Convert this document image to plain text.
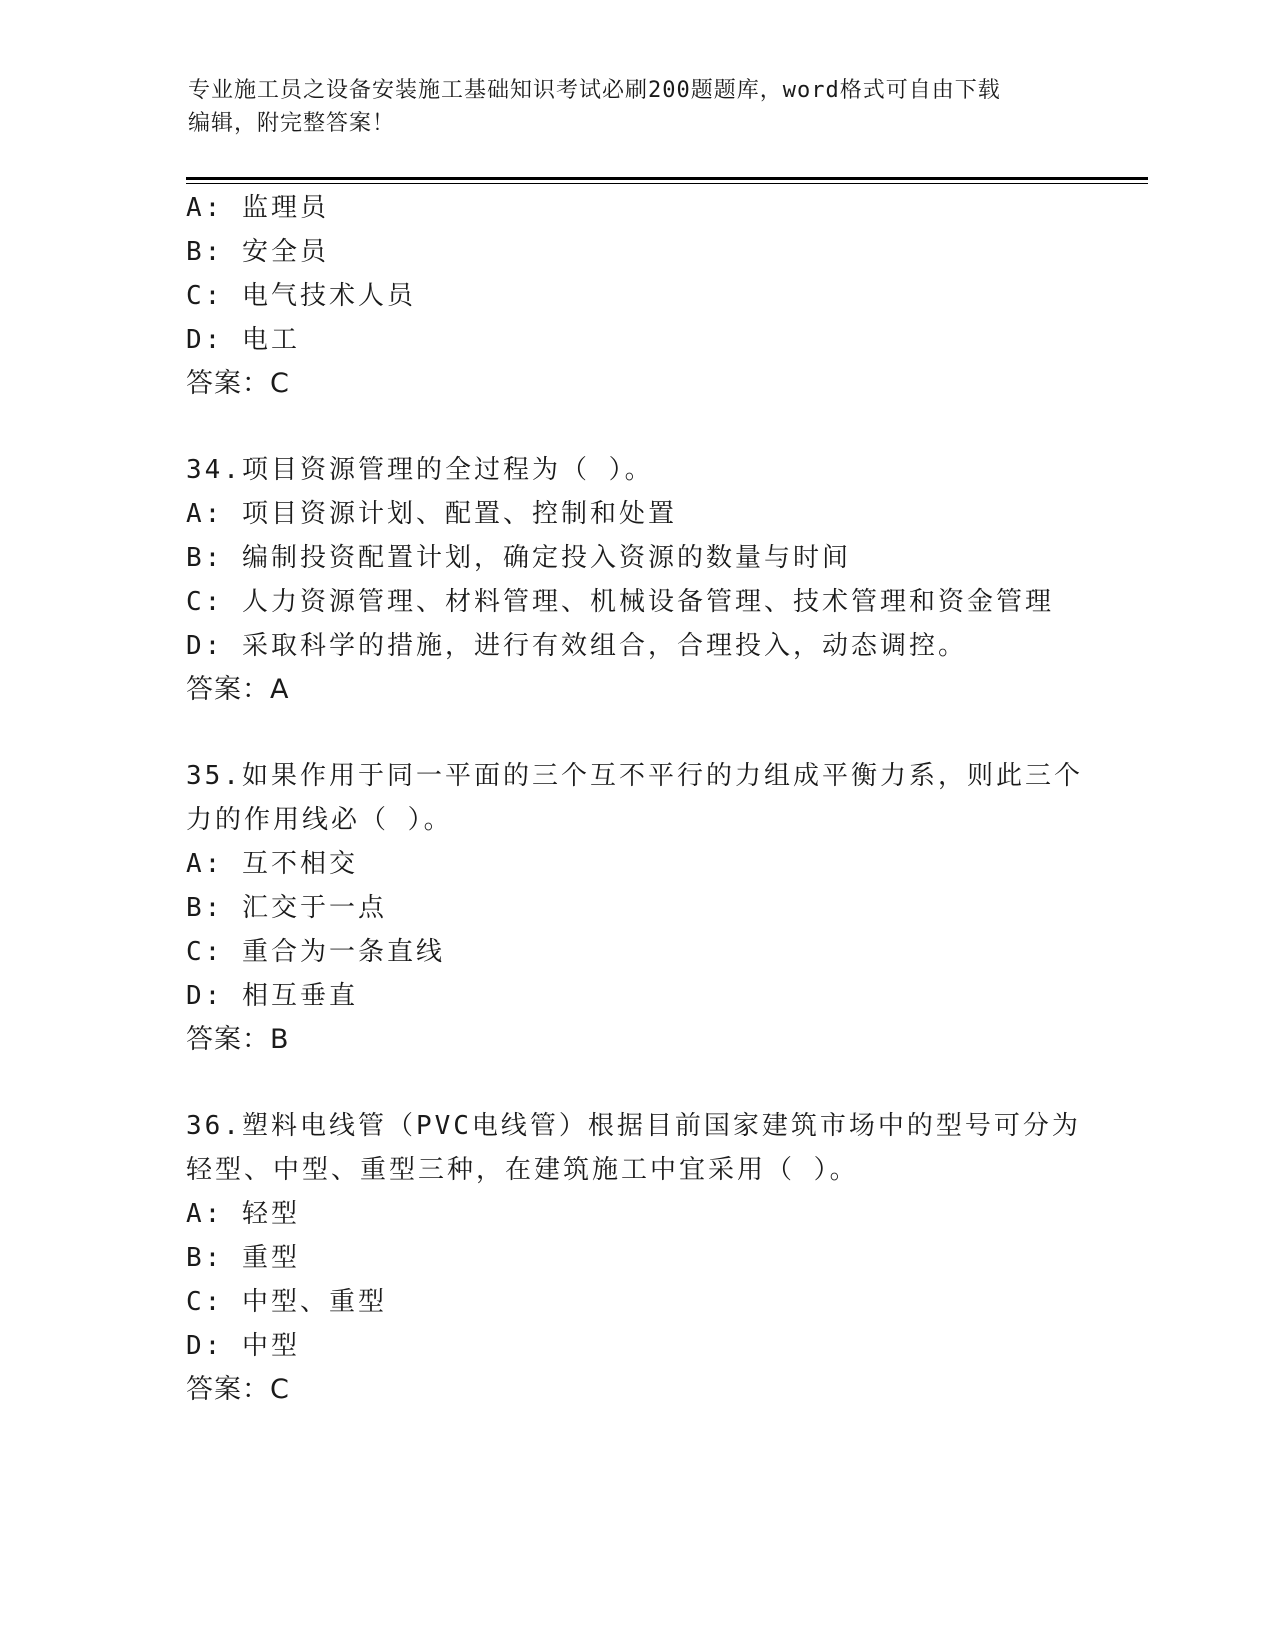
专业施工员之设备安装施工基础知识考试必刷200题题库，word格式可自由下载
编辑，附完整答案！
A: 监理员
B: 安全员
C: 电气技术人员
D: 电工
答案：C
34.项目资源管理的全过程为（ ）。
A: 项目资源计划、配置、控制和处置
B: 编制投资配置计划，确定投入资源的数量与时间
C: 人力资源管理、材料管理、机械设备管理、技术管理和资金管理
D: 采取科学的措施，进行有效组合，合理投入，动态调控。
答案：A
35.如果作用于同一平面的三个互不平行的力组成平衡力系，则此三个
力的作用线必（ ）。
A: 互不相交
B: 汇交于一点
C: 重合为一条直线
D: 相互垂直
答案：B
36.塑料电线管（PVC电线管）根据目前国家建筑市场中的型号可分为
轻型、中型、重型三种，在建筑施工中宜采用（ ）。
A: 轻型
B: 重型
C: 中型、重型
D: 中型
答案：C
